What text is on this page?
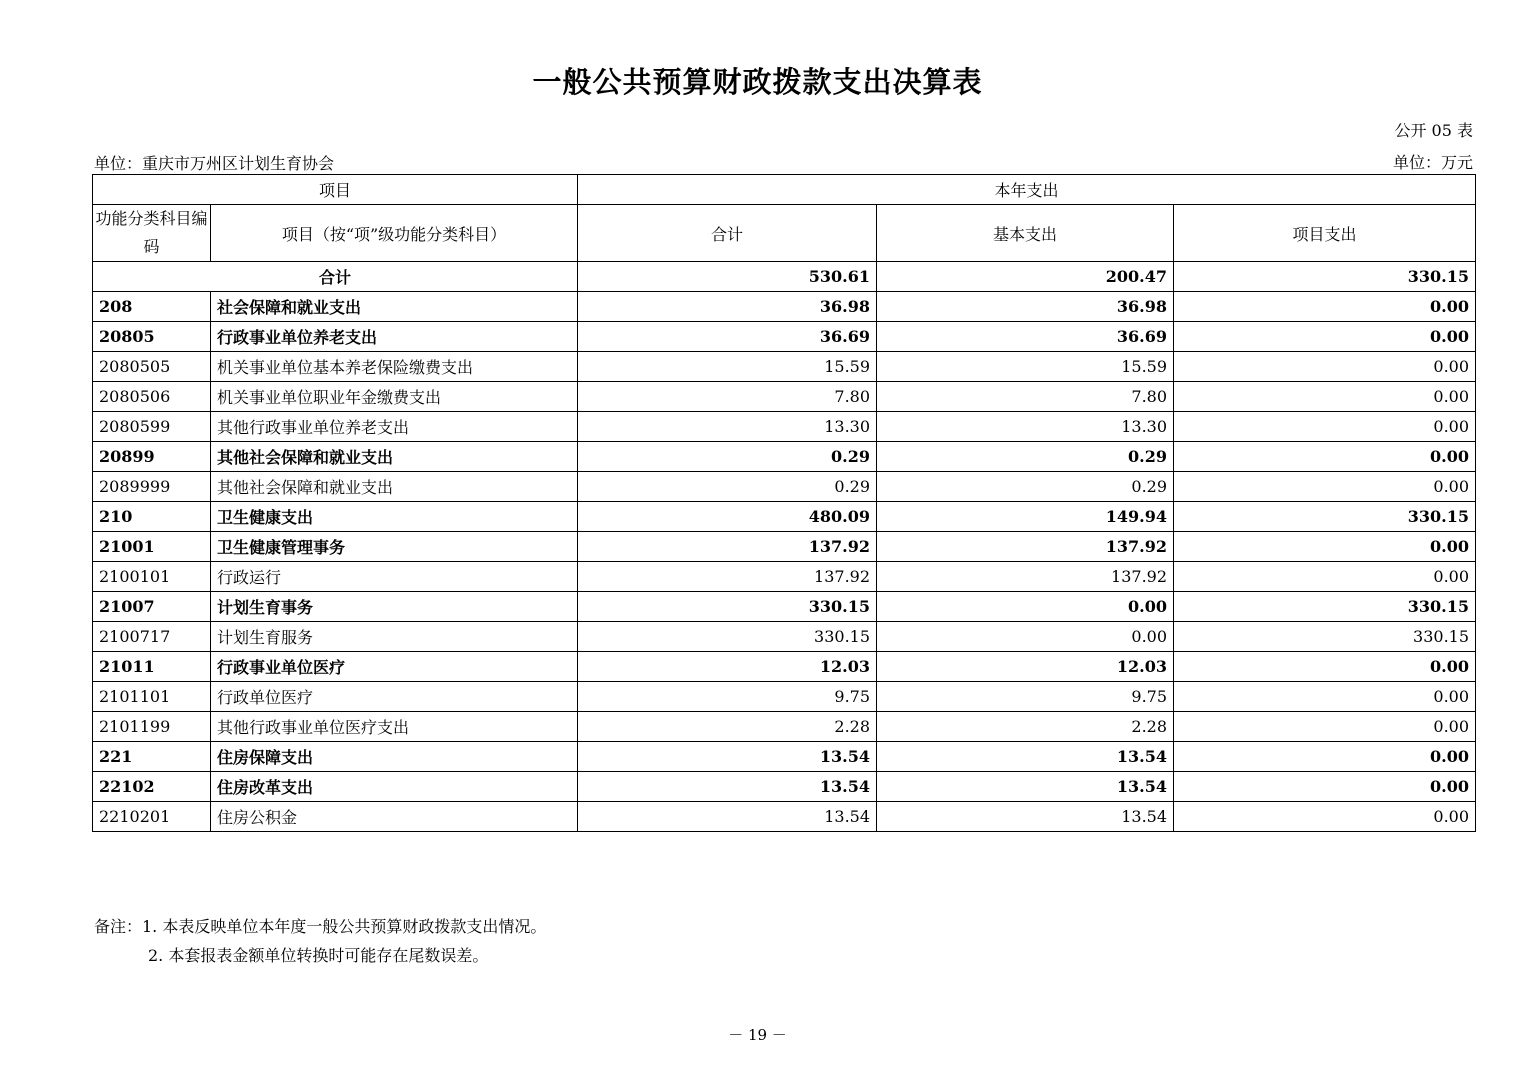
一般公共预算财政拨款支出决算表
公开 05 表
单位：重庆市万州区计划生育协会	单位：万元
项目		本年支出		
功能分类科目编码	项目（按“项”级功能分类科目）	合计	基本支出	项目支出
合计		530.61	200.47	330.15
208	社会保障和就业支出	36.98	36.98	0.00
20805	行政事业单位养老支出	36.69	36.69	0.00
2080505	机关事业单位基本养老保险缴费支出	15.59	15.59	0.00
2080506	机关事业单位职业年金缴费支出	7.80	7.80	0.00
2080599	其他行政事业单位养老支出	13.30	13.30	0.00
20899	其他社会保障和就业支出	0.29	0.29	0.00
2089999	其他社会保障和就业支出	0.29	0.29	0.00
210	卫生健康支出	480.09	149.94	330.15
21001	卫生健康管理事务	137.92	137.92	0.00
2100101	行政运行	137.92	137.92	0.00
21007	计划生育事务	330.15	0.00	330.15
2100717	计划生育服务	330.15	0.00	330.15
21011	行政事业单位医疗	12.03	12.03	0.00
2101101	行政单位医疗	9.75	9.75	0.00
2101199	其他行政事业单位医疗支出	2.28	2.28	0.00
221	住房保障支出	13.54	13.54	0.00
22102	住房改革支出	13.54	13.54	0.00
2210201	住房公积金	13.54	13.54	0.00
备注：1. 本表反映单位本年度一般公共预算财政拨款支出情况。
2. 本套报表金额单位转换时可能存在尾数误差。
－ 19 －
